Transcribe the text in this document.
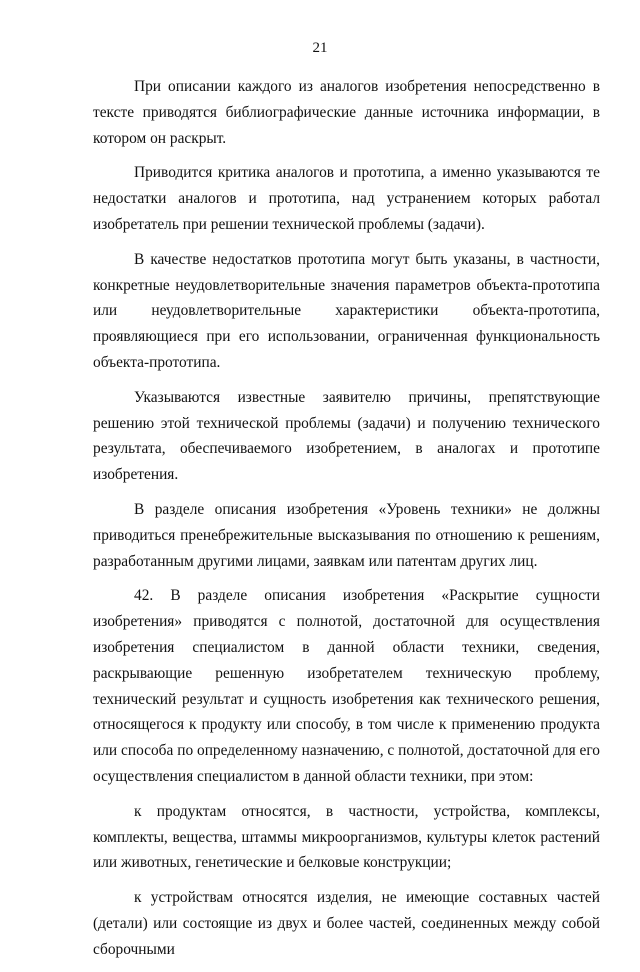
21

При описании каждого из аналогов изобретения непосредственно в тексте приводятся библиографические данные источника информации, в котором он раскрыт.

Приводится критика аналогов и прототипа, а именно указываются те недостатки аналогов и прототипа, над устранением которых работал изобретатель при решении технической проблемы (задачи).

В качестве недостатков прототипа могут быть указаны, в частности, конкретные неудовлетворительные значения параметров объекта-прототипа или неудовлетворительные характеристики объекта-прототипа, проявляющиеся при его использовании, ограниченная функциональность объекта-прототипа.

Указываются известные заявителю причины, препятствующие решению этой технической проблемы (задачи) и получению технического результата, обеспечиваемого изобретением, в аналогах и прототипе изобретения.

В разделе описания изобретения «Уровень техники» не должны приводиться пренебрежительные высказывания по отношению к решениям, разработанным другими лицами, заявкам или патентам других лиц.

42. В разделе описания изобретения «Раскрытие сущности изобретения» приводятся с полнотой, достаточной для осуществления изобретения специалистом в данной области техники, сведения, раскрывающие решенную изобретателем техническую проблему, технический результат и сущность изобретения как технического решения, относящегося к продукту или способу, в том числе к применению продукта или способа по определенному назначению, с полнотой, достаточной для его осуществления специалистом в данной области техники, при этом:

к продуктам относятся, в частности, устройства, комплексы, комплекты, вещества, штаммы микроорганизмов, культуры клеток растений или животных, генетические и белковые конструкции;

к устройствам относятся изделия, не имеющие составных частей (детали) или состоящие из двух и более частей, соединенных между собой сборочными
